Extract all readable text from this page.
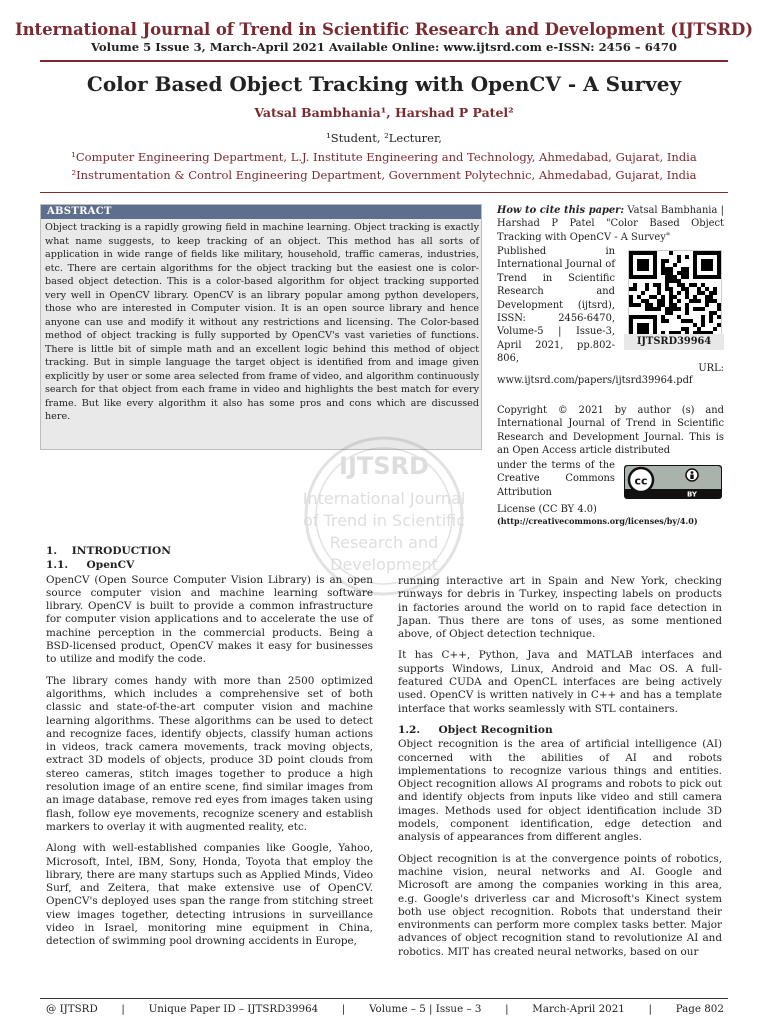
International Journal of Trend in Scientific Research and Development (IJTSRD)
Volume 5 Issue 3, March-April 2021 Available Online: www.ijtsrd.com e-ISSN: 2456 – 6470
Color Based Object Tracking with OpenCV - A Survey
Vatsal Bambhania¹, Harshad P Patel²
¹Student, ²Lecturer,
¹Computer Engineering Department, L.J. Institute Engineering and Technology, Ahmedabad, Gujarat, India
²Instrumentation & Control Engineering Department, Government Polytechnic, Ahmedabad, Gujarat, India
ABSTRACT
Object tracking is a rapidly growing field in machine learning. Object tracking is exactly what name suggests, to keep tracking of an object. This method has all sorts of application in wide range of fields like military, household, traffic cameras, industries, etc. There are certain algorithms for the object tracking but the easiest one is color-based object detection. This is a color-based algorithm for object tracking supported very well in OpenCV library. OpenCV is an library popular among python developers, those who are interested in Computer vision. It is an open source library and hence anyone can use and modify it without any restrictions and licensing. The Color-based method of object tracking is fully supported by OpenCV's vast varieties of functions. There is little bit of simple math and an excellent logic behind this method of object tracking. But in simple language the target object is identified from and image given explicitly by user or some area selected from frame of video, and algorithm continuously search for that object from each frame in video and highlights the best match for every frame. But like every algorithm it also has some pros and cons which are discussed here.
How to cite this paper: Vatsal Bambhania | Harshad P Patel "Color Based Object Tracking with OpenCV - A Survey"
Published in International Journal of Trend in Scientific Research and Development (ijtsrd), ISSN: 2456-6470, Volume-5 | Issue-3, April 2021, pp.802-806,
URL:
www.ijtsrd.com/papers/ijtsrd39964.pdf
IJTSRD39964
Copyright © 2021 by author (s) and International Journal of Trend in Scientific Research and Development Journal. This is an Open Access article distributed
under the terms of the Creative Commons Attribution
cc
BY
License (CC BY 4.0)
(http://creativecommons.org/licenses/by/4.0)
IJTSRD
International Journal
of Trend in Scientific
Research and
Development
1.    INTRODUCTION
1.1.     OpenCV

OpenCV (Open Source Computer Vision Library) is an open source computer vision and machine learning software library. OpenCV is built to provide a common infrastructure for computer vision applications and to accelerate the use of machine perception in the commercial products. Being a BSD-licensed product, OpenCV makes it easy for businesses to utilize and modify the code.

The library comes handy with more than 2500 optimized algorithms, which includes a comprehensive set of both classic and state-of-the-art computer vision and machine learning algorithms. These algorithms can be used to detect and recognize faces, identify objects, classify human actions in videos, track camera movements, track moving objects, extract 3D models of objects, produce 3D point clouds from stereo cameras, stitch images together to produce a high resolution image of an entire scene, find similar images from an image database, remove red eyes from images taken using flash, follow eye movements, recognize scenery and establish markers to overlay it with augmented reality, etc.

Along with well-established companies like Google, Yahoo, Microsoft, Intel, IBM, Sony, Honda, Toyota that employ the library, there are many startups such as Applied Minds, Video Surf, and Zeitera, that make extensive use of OpenCV. OpenCV's deployed uses span the range from stitching street view images together, detecting intrusions in surveillance video in Israel, monitoring mine equipment in China, detection of swimming pool drowning accidents in Europe,

running interactive art in Spain and New York, checking runways for debris in Turkey, inspecting labels on products in factories around the world on to rapid face detection in Japan. Thus there are tons of uses, as some mentioned above, of Object detection technique.

It has C++, Python, Java and MATLAB interfaces and supports Windows, Linux, Android and Mac OS. A full-featured CUDA and OpenCL interfaces are being actively used. OpenCV is written natively in C++ and has a template interface that works seamlessly with STL containers.

1.2.     Object Recognition

Object recognition is the area of artificial intelligence (AI) concerned with the abilities of AI and robots implementations to recognize various things and entities. Object recognition allows AI programs and robots to pick out and identify objects from inputs like video and still camera images. Methods used for object identification include 3D models, component identification, edge detection and analysis of appearances from different angles.

Object recognition is at the convergence points of robotics, machine vision, neural networks and AI. Google and Microsoft are among the companies working in this area, e.g. Google's driverless car and Microsoft's Kinect system both use object recognition. Robots that understand their environments can perform more complex tasks better. Major advances of object recognition stand to revolutionize AI and robotics. MIT has created neural networks, based on our

@ IJTSRD | Unique Paper ID – IJTSRD39964 | Volume – 5 | Issue – 3 | March-April 2021 | Page 802
